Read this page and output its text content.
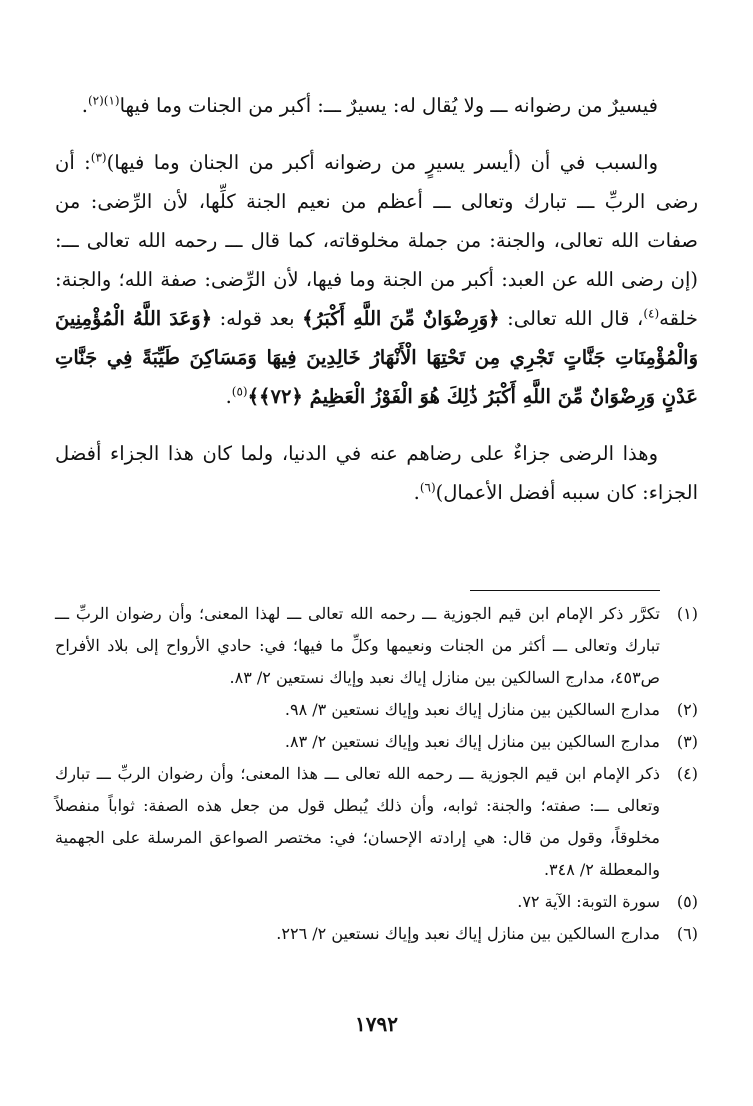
فيسيرٌ من رضوانه ـــ ولا يُقال له: يسيرٌ ـــ: أكبر من الجنات وما فيها$^{(١)(٢)}$.

والسبب في أن (أيسر يسيرٍ من رضوانه أكبر من الجنان وما فيها)$^{(٣)}$: أن رضى الربِّ ـــ تبارك وتعالى ـــ أعظم من نعيم الجنة كلِّها، لأن الرِّضى: من صفات الله تعالى، والجنة: من جملة مخلوقاته، كما قال ـــ رحمه الله تعالى ـــ: (إن رضى الله عن العبد: أكبر من الجنة وما فيها، لأن الرِّضى: صفة الله؛ والجنة: خلقه$^{(٤)}$، قال الله تعالى: ﴿وَرِضْوَانٌ مِّنَ اللَّهِ أَكْبَرُ﴾ بعد قوله: ﴿وَعَدَ اللَّهُ الْمُؤْمِنِينَ وَالْمُؤْمِنَاتِ جَنَّاتٍ تَجْرِي مِن تَحْتِهَا الْأَنْهَارُ خَالِدِينَ فِيهَا وَمَسَاكِنَ طَيِّبَةً فِي جَنَّاتِ عَدْنٍ وَرِضْوَانٌ مِّنَ اللَّهِ أَكْبَرُ ذَٰلِكَ هُوَ الْفَوْزُ الْعَظِيمُ ﴿٧٢﴾﴾$^{(٥)}$.

وهذا الرضى جزاءٌ على رضاهم عنه في الدنيا، ولما كان هذا الجزاء أفضل الجزاء: كان سببه أفضل الأعمال)$^{(٦)}$.

(١)
تكرَّر ذكر الإمام ابن قيم الجوزية ـــ رحمه الله تعالى ـــ لهذا المعنى؛ وأن رضوان الربِّ ـــ تبارك وتعالى ـــ أكثر من الجنات ونعيمها وكلِّ ما فيها؛ في: حادي الأرواح إلى بلاد الأفراح ص٤٥٣، مدارج السالكين بين منازل إياك نعبد وإياك نستعين ٢/ ٨٣.
(٢)
مدارج السالكين بين منازل إياك نعبد وإياك نستعين ٣/ ٩٨.
(٣)
مدارج السالكين بين منازل إياك نعبد وإياك نستعين ٢/ ٨٣.
(٤)
ذكر الإمام ابن قيم الجوزية ـــ رحمه الله تعالى ـــ هذا المعنى؛ وأن رضوان الربِّ ـــ تبارك وتعالى ـــ: صفته؛ والجنة: ثوابه، وأن ذلك يُبطل قول من جعل هذه الصفة: ثواباً منفصلاً مخلوقاً، وقول من قال: هي إرادته الإحسان؛ في: مختصر الصواعق المرسلة على الجهمية والمعطلة ٢/ ٣٤٨.
(٥)
سورة التوبة: الآية ٧٢.
(٦)
مدارج السالكين بين منازل إياك نعبد وإياك نستعين ٢/ ٢٢٦.
١٧٩٢
